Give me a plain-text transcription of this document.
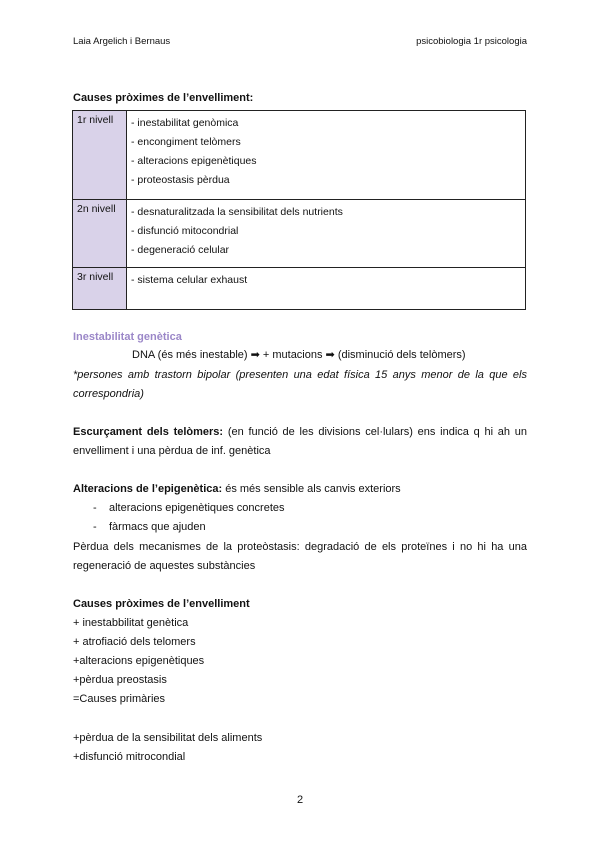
Laia Argelich i Bernaus	psicobiologia 1r psicologia
Causes pròximes de l’envelliment:
1r nivell	- inestabilitat genòmica
- encongiment telòmers
- alteracions epigenètiques
- proteostasis pèrdua

2n nivell	- desnaturalitzada la sensibilitat dels nutrients
- disfunció mitocondrial
- degeneració celular

3r nivell	- sistema celular exhaust
Inestabilitat genètica
DNA (és més inestable) ➡ + mutacions ➡ (disminució dels telòmers)
*persones amb trastorn bipolar (presenten una edat física 15 anys menor de la que els correspondria)
Escurçament dels telòmers: (en funció de les divisions cel·lulars) ens indica q hi ah un envelliment i una pèrdua de inf. genètica
Alteracions de l’epigenètica: és més sensible als canvis exteriors
- alteracions epigenètiques concretes
- fàrmacs que ajuden
Pèrdua dels mecanismes de la proteòstasis: degradació de els proteïnes i no hi ha una regeneració de aquestes substàncies
Causes pròximes de l’envelliment
+ inestabbilitat genètica
+ atrofiació dels telomers
+alteracions epigenètiques
+pèrdua preostasis
=Causes primàries
+pèrdua de la sensibilitat dels aliments
+disfunció mitrocondial
2
